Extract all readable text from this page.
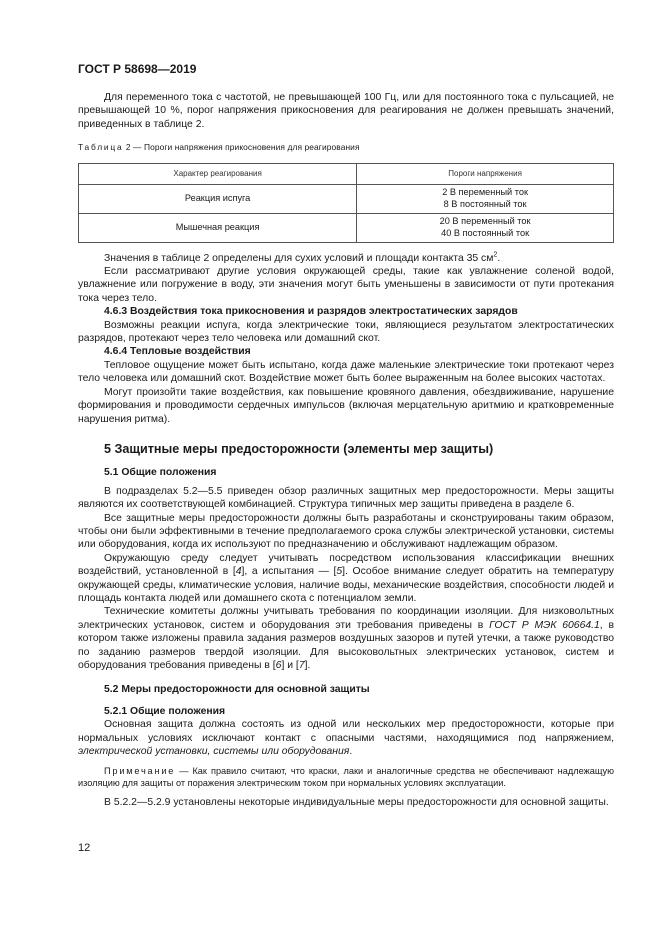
ГОСТ Р 58698—2019

Для переменного тока с частотой, не превышающей 100 Гц, или для постоянного тока с пульсацией, не превышающей 10 %, порог напряжения прикосновения для реагирования не должен превышать значений, приведенных в таблице 2.

Таблица 2 — Пороги напряжения прикосновения для реагирования
Характер реагирования	Пороги напряжения
Реакция испуга	2 В переменный ток
8 В постоянный ток

Мышечная реакция	20 В переменный ток
40 В постоянный ток

Значения в таблице 2 определены для сухих условий и площади контакта 35 $см^2$.

Если рассматривают другие условия окружающей среды, такие как увлажнение соленой водой, увлажнение или погружение в воду, эти значения могут быть уменьшены в зависимости от пути протекания тока через тело.

4.6.3 Воздействия тока прикосновения и разрядов электростатических зарядов

Возможны реакции испуга, когда электрические токи, являющиеся результатом электростатических разрядов, протекают через тело человека или домашний скот.

4.6.4 Тепловые воздействия

Тепловое ощущение может быть испытано, когда даже маленькие электрические токи протекают через тело человека или домашний скот. Воздействие может быть более выраженным на более высоких частотах.

Могут произойти такие воздействия, как повышение кровяного давления, обездвиживание, нарушение формирования и проводимости сердечных импульсов (включая мерцательную аритмию и кратковременные нарушения ритма).

5 Защитные меры предосторожности (элементы мер защиты)

5.1 Общие положения

В подразделах 5.2—5.5 приведен обзор различных защитных мер предосторожности. Меры защиты являются их соответствующей комбинацией. Структура типичных мер защиты приведена в разделе 6.

Все защитные меры предосторожности должны быть разработаны и сконструированы таким образом, чтобы они были эффективными в течение предполагаемого срока службы электрической установки, системы или оборудования, когда их используют по предназначению и обслуживают надлежащим образом.

Окружающую среду следует учитывать посредством использования классификации внешних воздействий, установленной в [4], а испытания — [5]. Особое внимание следует обратить на температуру окружающей среды, климатические условия, наличие воды, механические воздействия, способности людей и площадь контакта людей или домашнего скота с потенциалом земли.

Технические комитеты должны учитывать требования по координации изоляции. Для низковольтных электрических установок, систем и оборудования эти требования приведены в ГОСТ Р МЭК 60664.1, в котором также изложены правила задания размеров воздушных зазоров и путей утечки, а также руководство по заданию размеров твердой изоляции. Для высоковольтных электрических установок, систем и оборудования требования приведены в [6] и [7].

5.2 Меры предосторожности для основной защиты

5.2.1 Общие положения

Основная защита должна состоять из одной или нескольких мер предосторожности, которые при нормальных условиях исключают контакт с опасными частями, находящимися под напряжением, электрической установки, системы или оборудования.

Примечание — Как правило считают, что краски, лаки и аналогичные средства не обеспечивают надлежащую изоляцию для защиты от поражения электрическим током при нормальных условиях эксплуатации.

В 5.2.2—5.2.9 установлены некоторые индивидуальные меры предосторожности для основной защиты.

12
